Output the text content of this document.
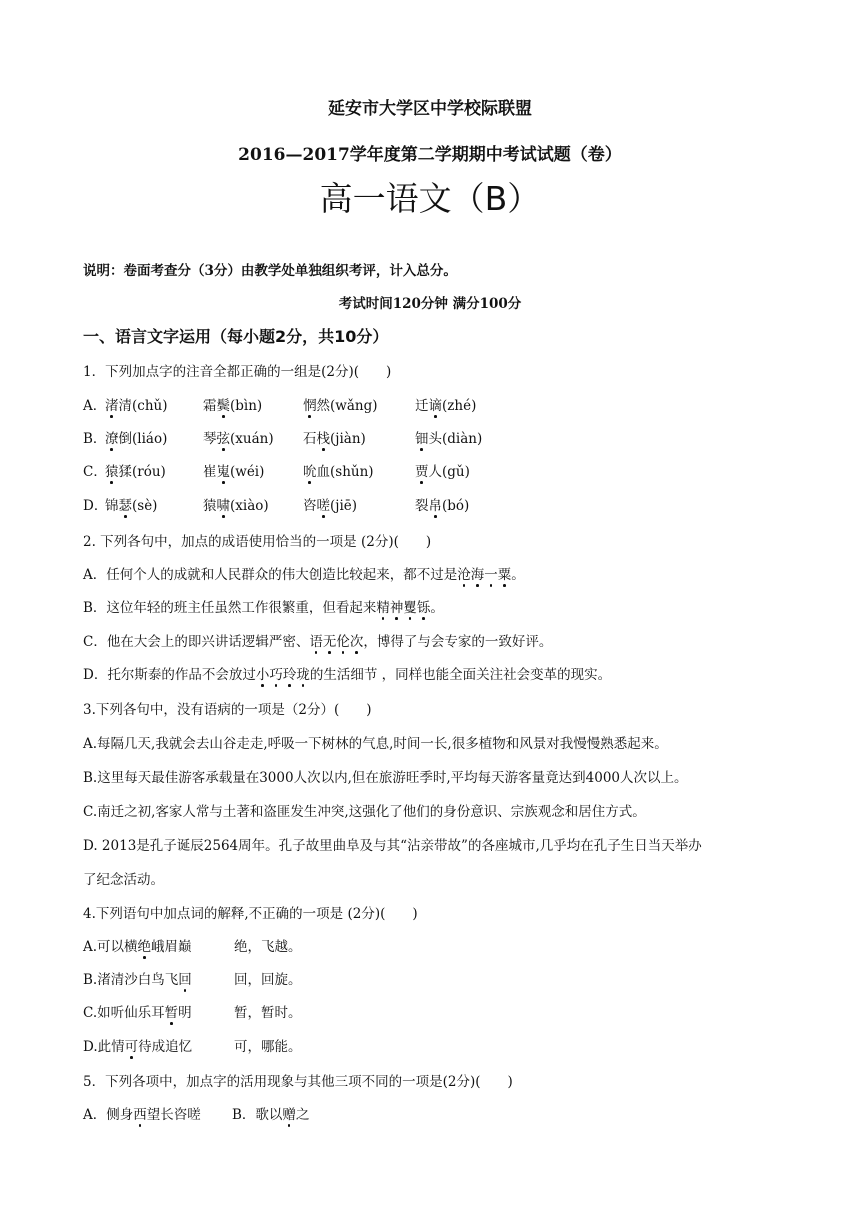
延安市大学区中学校际联盟
2016—2017学年度第二学期期中考试试题（卷）
高一语文（B）
说明：卷面考查分（3分）由教学处单独组织考评，计入总分。
考试时间120分钟 满分100分
一、语言文字运用（每小题2分，共10分）
1．下列加点字的注音全都正确的一组是(2分)(　　)
A．
渚清(chǔ)	霜鬓(bìn)	惘然(wǎng)	迁谪(zhé)
B．
潦倒(liáo)	琴弦(xuán) 石栈(jiàn)	钿头(diàn)
C．
猿猱(róu)	崔嵬(wéi)	吮血(shǔn)	贾人(gǔ)
D．
锦瑟(sè)	猿啸(xiào)	咨嗟(jiē)	裂帛(bó)
2. 下列各句中，加点的成语使用恰当的一项是 (2分)(　　)
A．任何个人的成就和人民群众的伟大创造比较起来，都不过是沧海一粟。
B．这位年轻的班主任虽然工作很繁重，但看起来精神矍铄。
C．他在大会上的即兴讲话逻辑严密、语无伦次，博得了与会专家的一致好评。
D．托尔斯泰的作品不会放过小巧玲珑的生活细节 ，同样也能全面关注社会变革的现实。
3.下列各句中，没有语病的一项是（2分）(　　)
A.每隔几天,我就会去山谷走走,呼吸一下树林的气息,时间一长,很多植物和风景对我慢慢熟悉起来。
B.这里每天最佳游客承载量在3000人次以内,但在旅游旺季时,平均每天游客量竟达到4000人次以上。
C.南迁之初,客家人常与土著和盗匪发生冲突,这强化了他们的身份意识、宗族观念和居住方式。
D. 2013是孔子诞辰2564周年。孔子故里曲阜及与其“沾亲带故”的各座城市,几乎均在孔子生日当天举办
了纪念活动。
4.下列语句中加点词的解释,不正确的一项是 (2分)(　　)
A.可以横绝峨眉巅	绝，飞越。
B.渚清沙白鸟飞回	回，回旋。
C.如听仙乐耳暂明	暂，暂时。
D.此情可待成追忆	可，哪能。
5．下列各项中，加点字的活用现象与其他三项不同的一项是(2分)(　　)
A．侧身西望长咨嗟 B．歌以赠之
